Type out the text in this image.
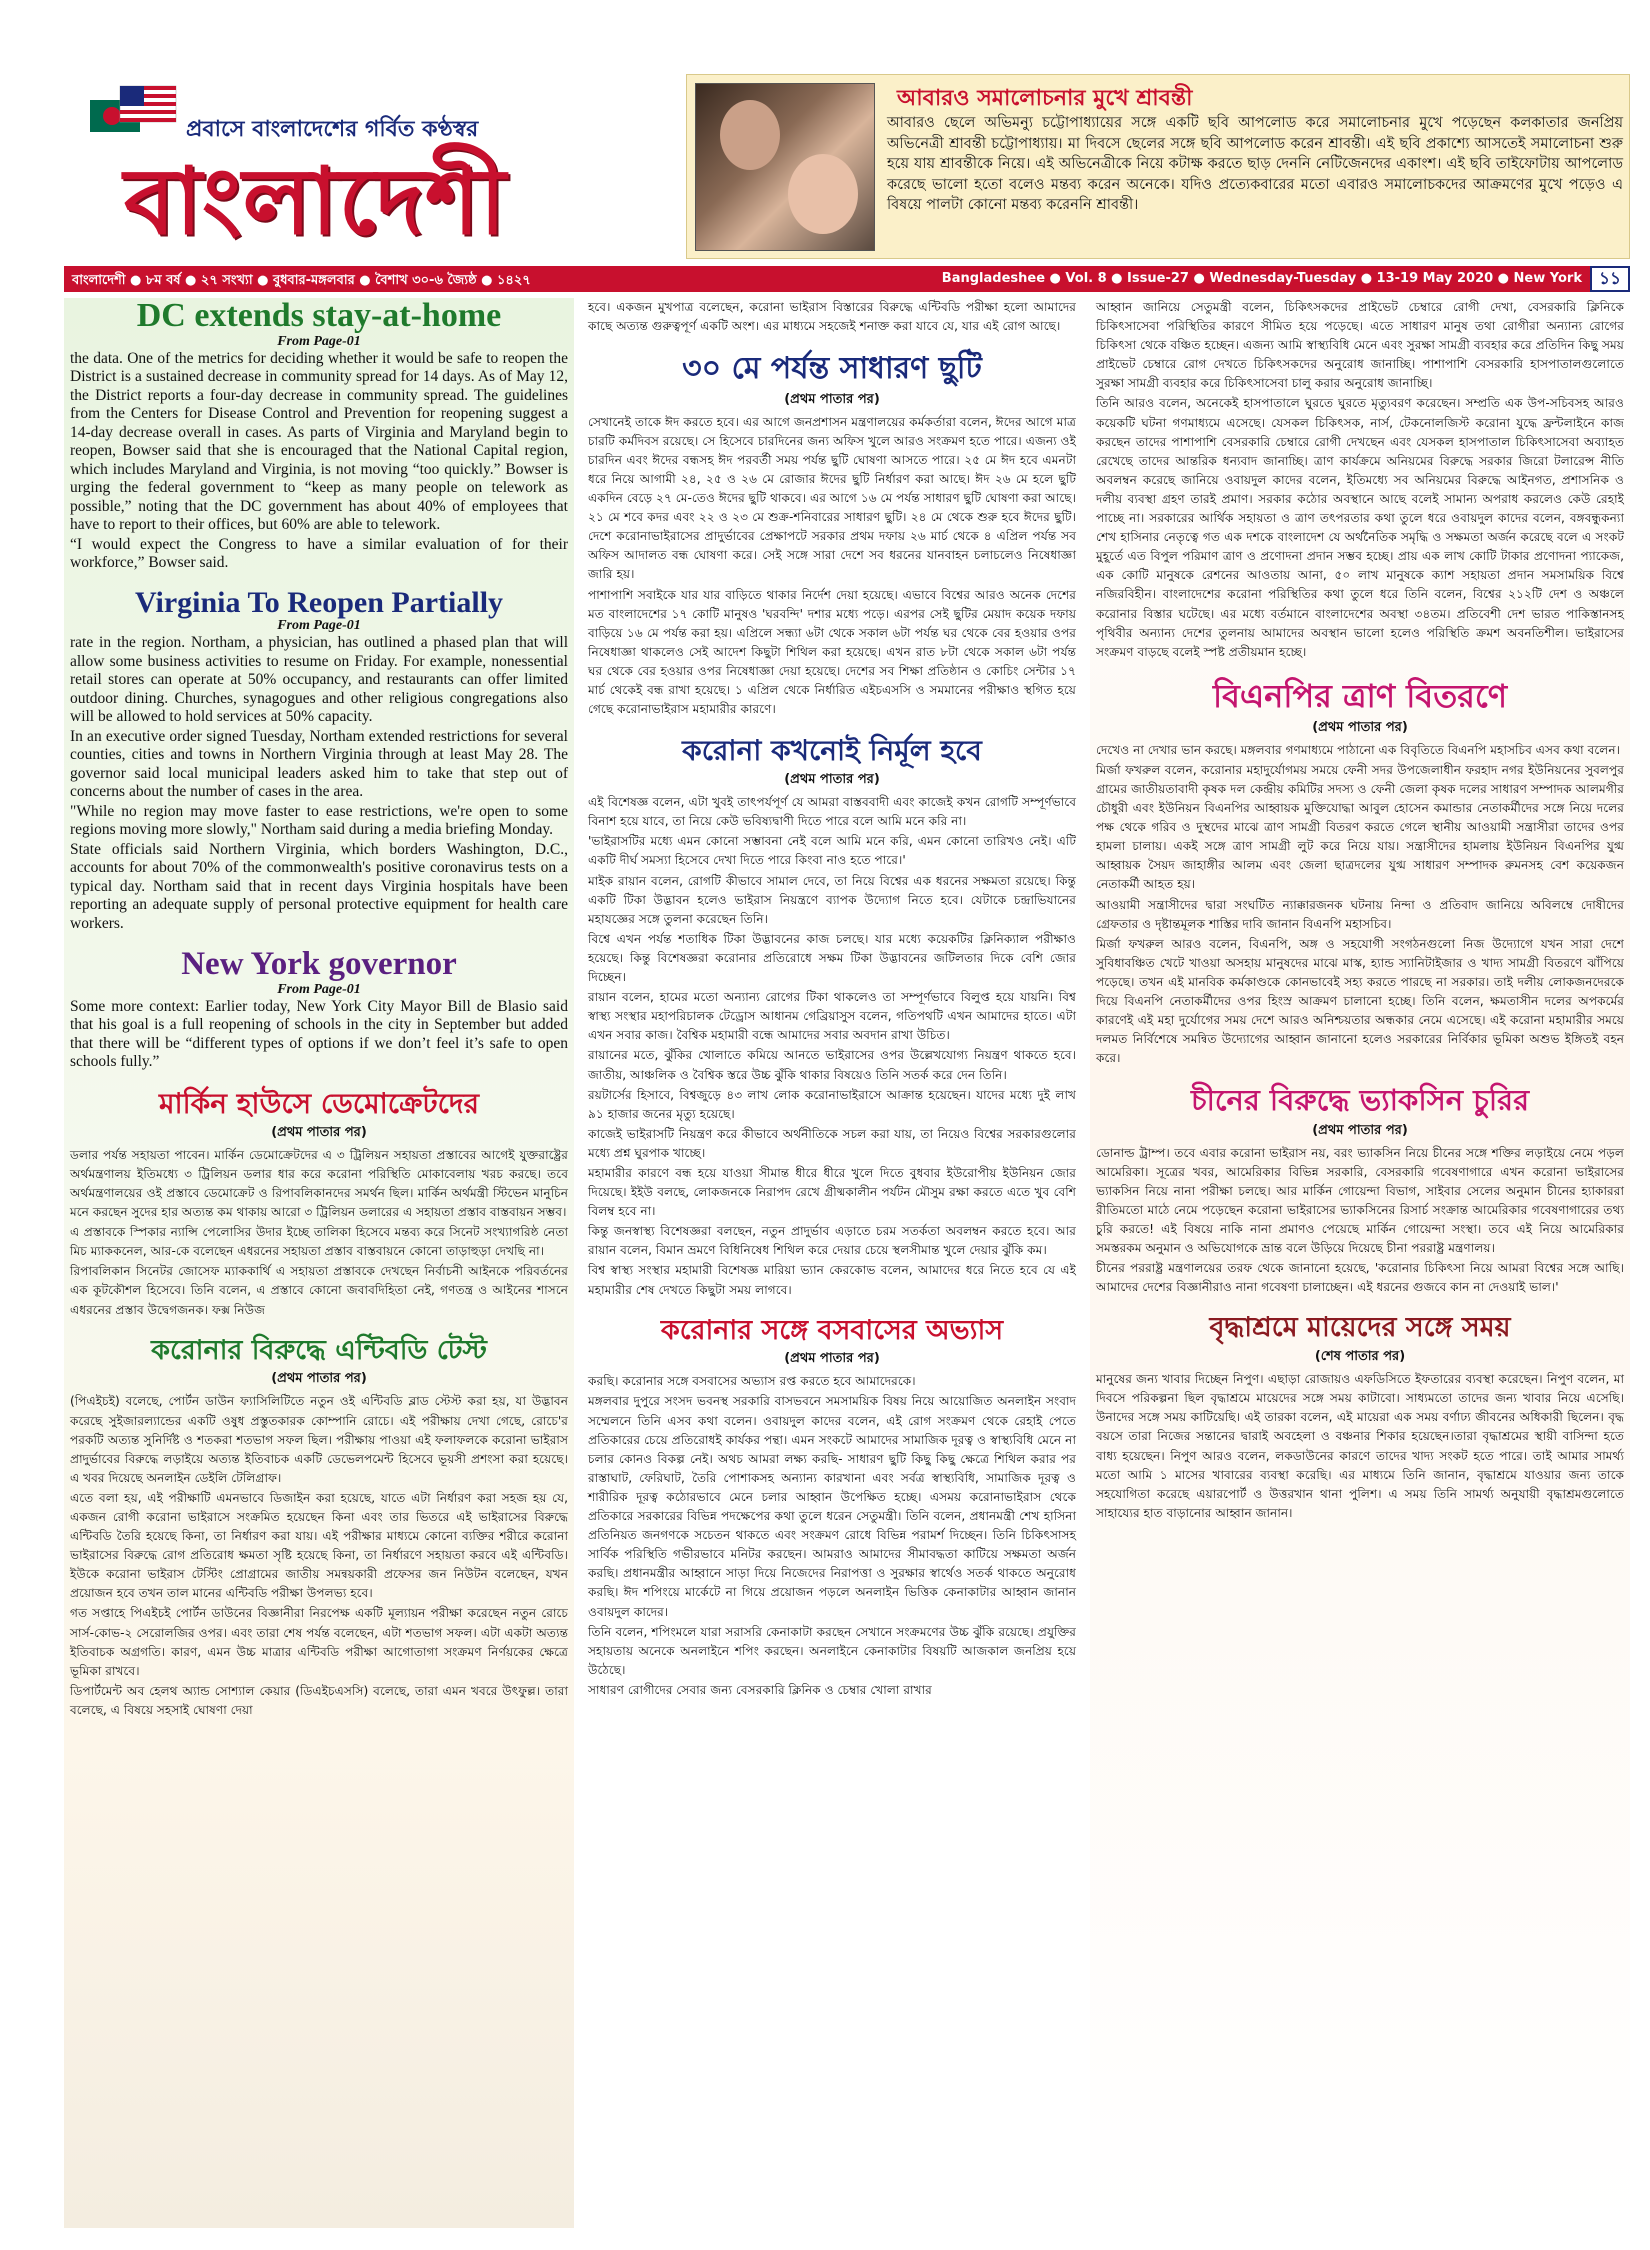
প্রবাসে বাংলাদেশের গর্বিত কণ্ঠস্বর
বাংলাদেশী
আবারও সমালোচনার মুখে শ্রাবন্তী
আবারও ছেলে অভিমন্যু চট্টোপাধ্যায়ের সঙ্গে একটি ছবি আপলোড করে সমালোচনার মুখে পড়েছেন কলকাতার জনপ্রিয় অভিনেত্রী শ্রাবন্তী চট্টোপাধ্যায়। মা দিবসে ছেলের সঙ্গে ছবি আপলোড করেন শ্রাবন্তী। এই ছবি প্রকাশ্যে আসতেই সমালোচনা শুরু হয়ে যায় শ্রাবন্তীকে নিয়ে। এই অভিনেত্রীকে নিয়ে কটাক্ষ করতে ছাড় দেননি নেটিজেনদের একাংশ। এই ছবি তাইফোটায় আপলোড করেছে ভালো হতো বলেও মন্তব্য করেন অনেকে। যদিও প্রত্যেকবারের মতো এবারও সমালোচকদের আক্রমণের মুখে পড়েও এ বিষয়ে পালটা কোনো মন্তব্য করেননি শ্রাবন্তী।
বাংলাদেশী ● ৮ম বর্ষ ● ২৭ সংখ্যা ● বুধবার-মঙ্গলবার ● বৈশাখ ৩০-৬ জ্যৈষ্ঠ ● ১৪২৭	Bangladeshee ● Vol. 8 ● Issue-27 ● Wednesday-Tuesday ● 13-19 May 2020 ● New York ১১
DC extends stay-at-home
From Page-01

the data. One of the metrics for deciding whether it would be safe to reopen the District is a sustained decrease in community spread for 14 days. As of May 12, the District reports a four-day decrease in community spread. The guidelines from the Centers for Disease Control and Prevention for reopening suggest a 14-day decrease overall in cases. As parts of Virginia and Maryland begin to reopen, Bowser said that she is encouraged that the National Capital region, which includes Maryland and Virginia, is not moving “too quickly.” Bowser is urging the federal government to “keep as many people on telework as possible,” noting that the DC government has about 40% of employees that have to report to their offices, but 60% are able to telework.

“I would expect the Congress to have a similar evaluation of for their workforce,” Bowser said.

Virginia To Reopen Partially
From Page-01

rate in the region. Northam, a physician, has outlined a phased plan that will allow some business activities to resume on Friday. For example, nonessential retail stores can operate at 50% occupancy, and restaurants can offer limited outdoor dining. Churches, synagogues and other religious congregations also will be allowed to hold services at 50% capacity.

In an executive order signed Tuesday, Northam extended restrictions for several counties, cities and towns in Northern Virginia through at least May 28. The governor said local municipal leaders asked him to take that step out of concerns about the number of cases in the area.

"While no region may move faster to ease restrictions, we're open to some regions moving more slowly," Northam said during a media briefing Monday.

State officials said Northern Virginia, which borders Washington, D.C., accounts for about 70% of the commonwealth's positive coronavirus tests on a typical day. Northam said that in recent days Virginia hospitals have been reporting an adequate supply of personal protective equipment for health care workers.

New York governor
From Page-01

Some more context: Earlier today, New York City Mayor Bill de Blasio said that his goal is a full reopening of schools in the city in September but added that there will be “different types of options if we don’t feel it’s safe to open schools fully.”

মার্কিন হাউসে ডেমোক্রেটদের
(প্রথম পাতার পর)

ডলার পর্যন্ত সহায়তা পাবেন। মার্কিন ডেমোক্রেটদের এ ৩ ট্রিলিয়ন সহায়তা প্রস্তাবের আগেই যুক্তরাষ্ট্রের অর্থমন্ত্রণালয় ইতিমধ্যে ৩ ট্রিলিয়ন ডলার ধার করে করোনা পরিস্থিতি মোকাবেলায় খরচ করছে। তবে অর্থমন্ত্রণালয়ের ওই প্রস্তাবে ডেমোক্রেট ও রিপাবলিকানদের সমর্থন ছিল। মার্কিন অর্থমন্ত্রী স্টিভেন মানুচিন মনে করছেন সুদের হার অত্যন্ত কম থাকায় আরো ৩ ট্রিলিয়ন ডলারের এ সহায়তা প্রস্তাব বাস্তবায়ন সম্ভব।

এ প্রস্তাবকে স্পিকার ন্যান্সি পেলোসির উদার ইচ্ছে তালিকা হিসেবে মন্তব্য করে সিনেট সংখ্যাগরিষ্ঠ নেতা মিচ ম্যাককনেল, আর-কে বলেছেন এধরনের সহায়তা প্রস্তাব বাস্তবায়নে কোনো তাড়াহুড়া দেখছি না।

রিপাবলিকান সিনেটর জোসেফ ম্যাককার্থি এ সহায়তা প্রস্তাবকে দেখছেন নির্বাচনী আইনকে পরিবর্তনের এক কূটকৌশল হিসেবে। তিনি বলেন, এ প্রস্তাবে কোনো জবাবদিহিতা নেই, গণতন্ত্র ও আইনের শাসনে এধরনের প্রস্তাব উদ্বেগজনক। ফক্স নিউজ

করোনার বিরুদ্ধে এন্টিবডি টেস্ট
(প্রথম পাতার পর)

(পিএইচই) বলেছে, পোর্টন ডাউন ফ্যাসিলিটিতে নতুন ওই এন্টিবডি ব্লাড স্টেস্ট করা হয়, যা উদ্ভাবন করেছে সুইজারল্যান্ডের একটি ওষুধ প্রস্তুতকারক কোম্পানি রোচে। এই পরীক্ষায় দেখা গেছে, রোচে'র পরকটি অত্যন্ত সুনির্দিষ্ট ও শতকরা শতভাগ সফল ছিল। পরীক্ষায় পাওয়া এই ফলাফলকে করোনা ভাইরাস প্রাদুর্ভাবের বিরুদ্ধে লড়াইয়ে অত্যন্ত ইতিবাচক একটি ডেভেলপমেন্ট হিসেবে ভূয়সী প্রশংসা করা হয়েছে। এ খবর দিয়েছে অনলাইন ডেইলি টেলিগ্রাফ।

এতে বলা হয়, এই পরীক্ষাটি এমনভাবে ডিজাইন করা হয়েছে, যাতে এটা নির্ধারণ করা সহজ হয় যে, একজন রোগী করোনা ভাইরাসে সংক্রমিত হয়েছেন কিনা এবং তার ভিতরে এই ভাইরাসের বিরুদ্ধে এন্টিবডি তৈরি হয়েছে কিনা, তা নির্ধারণ করা যায়। এই পরীক্ষার মাধ্যমে কোনো ব্যক্তির শরীরে করোনা ভাইরাসের বিরুদ্ধে রোগ প্রতিরোধ ক্ষমতা সৃষ্টি হয়েছে কিনা, তা নির্ধারণে সহায়তা করবে এই এন্টিবডি। ইউকে করোনা ভাইরাস টেস্টিং প্রোগ্রামের জাতীয় সমন্বয়কারী প্রফেসর জন নিউটন বলেছেন, যখন প্রয়োজন হবে তখন তাল মানের এন্টিবডি পরীক্ষা উপলভ্য হবে।

গত সপ্তাহে পিএইচই পোর্টন ডাউনের বিজ্ঞানীরা নিরপেক্ষ একটি মূল্যায়ন পরীক্ষা করেছেন নতুন রোচে সার্স-কোভ-২ সেরোলজির ওপর। এবং তারা শেষ পর্যন্ত বলেছেন, এটা শতভাগ সফল। এটা একটা অত্যন্ত ইতিবাচক অগ্রগতি। কারণ, এমন উচ্চ মাত্রার এন্টিবডি পরীক্ষা আগোতাগা সংক্রমণ নির্ণয়কের ক্ষেত্রে ভূমিকা রাখবে।

ডিপার্টমেন্ট অব হেলথ অ্যান্ড সোশ্যাল কেয়ার (ডিএইচএসসি) বলেছে, তারা এমন খবরে উৎফুল্ল। তারা বলেছে, এ বিষয়ে সহসাই ঘোষণা দেয়া

হবে। একজন মুখপাত্র বলেছেন, করোনা ভাইরাস বিস্তারের বিরুদ্ধে এন্টিবডি পরীক্ষা হলো আমাদের কাছে অত্যন্ত গুরুত্বপূর্ণ একটি অংশ। এর মাধ্যমে সহজেই শনাক্ত করা যাবে যে, যার এই রোগ আছে।

৩০ মে পর্যন্ত সাধারণ ছুটি
(প্রথম পাতার পর)

সেখানেই তাকে ঈদ করতে হবে। এর আগে জনপ্রশাসন মন্ত্রণালয়ের কর্মকর্তারা বলেন, ঈদের আগে মাত্র চারটি কর্মদিবস রয়েছে। সে হিসেবে চারদিনের জন্য অফিস খুলে আরও সংক্রমণ হতে পারে। এজন্য ওই চারদিন এবং ঈদের বন্ধসহ ঈদ পরবর্তী সময় পর্যন্ত ছুটি ঘোষণা আসতে পারে। ২৫ মে ঈদ হবে এমনটা ধরে নিয়ে আগামী ২৪, ২৫ ও ২৬ মে রোজার ঈদের ছুটি নির্ধারণ করা আছে। ঈদ ২৬ মে হলে ছুটি একদিন বেড়ে ২৭ মে-তেও ঈদের ছুটি থাকবে। এর আগে ১৬ মে পর্যন্ত সাধারণ ছুটি ঘোষণা করা আছে। ২১ মে শবে কদর এবং ২২ ও ২৩ মে শুক্র-শনিবারের সাধারণ ছুটি। ২৪ মে থেকে শুরু হবে ঈদের ছুটি। দেশে করোনাভাইরাসের প্রাদুর্ভাবের প্রেক্ষাপটে সরকার প্রথম দফায় ২৬ মার্চ থেকে ৪ এপ্রিল পর্যন্ত সব অফিস আদালত বন্ধ ঘোষণা করে। সেই সঙ্গে সারা দেশে সব ধরনের যানবাহন চলাচলেও নিষেধাজ্ঞা জারি হয়।

পাশাপাশি সবাইকে যার যার বাড়িতে থাকার নির্দেশ দেয়া হয়েছে। এভাবে বিশ্বের আরও অনেক দেশের মত বাংলাদেশের ১৭ কোটি মানুষও 'ঘরবন্দি' দশার মধ্যে পড়ে। এরপর সেই ছুটির মেয়াদ কয়েক দফায় বাড়িয়ে ১৬ মে পর্যন্ত করা হয়। এপ্রিলে সন্ধ্যা ৬টা থেকে সকাল ৬টা পর্যন্ত ঘর থেকে বের হওয়ার ওপর নিষেধাজ্ঞা থাকলেও সেই আদেশ কিছুটা শিথিল করা হয়েছে। এখন রাত ৮টা থেকে সকাল ৬টা পর্যন্ত ঘর থেকে বের হওয়ার ওপর নিষেধাজ্ঞা দেয়া হয়েছে। দেশের সব শিক্ষা প্রতিষ্ঠান ও কোচিং সেন্টার ১৭ মার্চ থেকেই বন্ধ রাখা হয়েছে। ১ এপ্রিল থেকে নির্ধারিত এইচএসসি ও সমমানের পরীক্ষাও স্থগিত হয়ে গেছে করোনাভাইরাস মহামারীর কারণে।

করোনা কখনোই নির্মূল হবে
(প্রথম পাতার পর)

এই বিশেষজ্ঞ বলেন, এটা খুবই তাৎপর্যপূর্ণ যে আমরা বাস্তববাদী এবং কাজেই কখন রোগটি সম্পূর্ণভাবে বিনাশ হয়ে যাবে, তা নিয়ে কেউ ভবিষ্যদ্বাণী দিতে পারে বলে আমি মনে করি না।

'ভাইরাসটির মধ্যে এমন কোনো সম্ভাবনা নেই বলে আমি মনে করি, এমন কোনো তারিখও নেই। এটি একটি দীর্ঘ সমস্যা হিসেবে দেখা দিতে পারে কিংবা নাও হতে পারে।'

মাইক রায়ান বলেন, রোগটি কীভাবে সামাল দেবে, তা নিয়ে বিশ্বের এক ধরনের সক্ষমতা রয়েছে। কিন্তু একটি টিকা উদ্ভাবন হলেও ভাইরাস নিয়ন্ত্রণে ব্যাপক উদ্যোগ নিতে হবে। যেটাকে চন্দ্রাভিযানের মহাযজ্ঞের সঙ্গে তুলনা করেছেন তিনি।

বিশ্বে এখন পর্যন্ত শতাধিক টিকা উদ্ভাবনের কাজ চলছে। যার মধ্যে কয়েকটির ক্লিনিক্যাল পরীক্ষাও হয়েছে। কিন্তু বিশেষজ্ঞরা করোনার প্রতিরোধে সক্ষম টিকা উদ্ভাবনের জটিলতার দিকে বেশি জোর দিচ্ছেন।

রায়ান বলেন, হামের মতো অন্যান্য রোগের টিকা থাকলেও তা সম্পূর্ণভাবে বিলুপ্ত হয়ে যায়নি। বিশ্ব স্বাস্থ্য সংস্থার মহাপরিচালক টেড্রোস আধানম গেব্রিয়াসুস বলেন, গতিপথটি এখন আমাদের হাতে। এটা এখন সবার কাজ। বৈশ্বিক মহামারী বন্ধে আমাদের সবার অবদান রাখা উচিত।

রায়ানের মতে, ঝুঁকির খোলাতে কমিয়ে আনতে ভাইরাসের ওপর উল্লেখযোগ্য নিয়ন্ত্রণ থাকতে হবে। জাতীয়, আঞ্চলিক ও বৈশ্বিক স্তরে উচ্চ ঝুঁকি থাকার বিষয়েও তিনি সতর্ক করে দেন তিনি।

রয়টার্সের হিসাবে, বিশ্বজুড়ে ৪৩ লাখ লোক করোনাভাইরাসে আক্রান্ত হয়েছেন। যাদের মধ্যে দুই লাখ ৯১ হাজার জনের মৃত্যু হয়েছে।

কাজেই ভাইরাসটি নিয়ন্ত্রণ করে কীভাবে অর্থনীতিকে সচল করা যায়, তা নিয়েও বিশ্বের সরকারগুলোর মধ্যে প্রশ্ন ঘুরপাক খাচ্ছে।

মহামারীর কারণে বন্ধ হয়ে যাওয়া সীমান্ত ধীরে ধীরে খুলে দিতে বুধবার ইউরোপীয় ইউনিয়ন জোর দিয়েছে। ইইউ বলছে, লোকজনকে নিরাপদ রেখে গ্রীষ্মকালীন পর্যটন মৌসুম রক্ষা করতে এতে খুব বেশি বিলম্ব হবে না।

কিন্তু জনস্বাস্থ্য বিশেষজ্ঞরা বলছেন, নতুন প্রাদুর্ভাব এড়াতে চরম সতর্কতা অবলম্বন করতে হবে। আর রায়ান বলেন, বিমান ভ্রমণে বিধিনিষেধ শিথিল করে দেয়ার চেয়ে স্থলসীমান্ত খুলে দেয়ার ঝুঁকি কম।

বিশ্ব স্বাস্থ্য সংস্থার মহামারী বিশেষজ্ঞ মারিয়া ভ্যান কেরকোভ বলেন, আমাদের ধরে নিতে হবে যে এই মহামারীর শেষ দেখতে কিছুটা সময় লাগবে।

করোনার সঙ্গে বসবাসের অভ্যাস
(প্রথম পাতার পর)

করছি। করোনার সঙ্গে বসবাসের অভ্যাস রপ্ত করতে হবে আমাদেরকে।

মঙ্গলবার দুপুরে সংসদ ভবনস্থ সরকারি বাসভবনে সমসাময়িক বিষয় নিয়ে আয়োজিত অনলাইন সংবাদ সম্মেলনে তিনি এসব কথা বলেন। ওবায়দুল কাদের বলেন, এই রোগ সংক্রমণ থেকে রেহাই পেতে প্রতিকারের চেয়ে প্রতিরোধই কার্যকর পন্থা। এমন সংকটে আমাদের সামাজিক দূরত্ব ও স্বাস্থ্যবিধি মেনে না চলার কোনও বিকল্প নেই। অথচ আমরা লক্ষ্য করছি- সাধারণ ছুটি কিছু কিছু ক্ষেত্রে শিথিল করার পর রাস্তাঘাট, ফেরিঘাট, তৈরি পোশাকসহ অন্যান্য কারখানা এবং সর্বত্র স্বাস্থ্যবিধি, সামাজিক দূরত্ব ও শারীরিক দূরত্ব কঠোরভাবে মেনে চলার আহ্বান উপেক্ষিত হচ্ছে। এসময় করোনাভাইরাস থেকে প্রতিকারে সরকারের বিভিন্ন পদক্ষেপের কথা তুলে ধরেন সেতুমন্ত্রী। তিনি বলেন, প্রধানমন্ত্রী শেখ হাসিনা প্রতিনিয়ত জনগণকে সচেতন থাকতে এবং সংক্রমণ রোধে বিভিন্ন পরামর্শ দিচ্ছেন। তিনি চিকিৎসাসহ সার্বিক পরিস্থিতি গভীরভাবে মনিটর করছেন। আমরাও আমাদের সীমাবদ্ধতা কাটিয়ে সক্ষমতা অর্জন করছি। প্রধানমন্ত্রীর আহ্বানে সাড়া দিয়ে নিজেদের নিরাপত্তা ও সুরক্ষার স্বার্থেও সতর্ক থাকতে অনুরোধ করছি। ঈদ শপিংয়ে মার্কেটে না গিয়ে প্রয়োজন পড়লে অনলাইন ভিত্তিক কেনাকাটার আহ্বান জানান ওবায়দুল কাদের।

তিনি বলেন, শপিংমলে যারা সরাসরি কেনাকাটা করছেন সেখানে সংক্রমণের উচ্চ ঝুঁকি রয়েছে। প্রযুক্তির সহায়তায় অনেকে অনলাইনে শপিং করছেন। অনলাইনে কেনাকাটার বিষয়টি আজকাল জনপ্রিয় হয়ে উঠেছে।

সাধারণ রোগীদের সেবার জন্য বেসরকারি ক্লিনিক ও চেম্বার খোলা রাখার

আহ্বান জানিয়ে সেতুমন্ত্রী বলেন, চিকিৎসকদের প্রাইভেট চেম্বারে রোগী দেখা, বেসরকারি ক্লিনিকে চিকিৎসাসেবা পরিস্থিতির কারণে সীমিত হয়ে পড়েছে। এতে সাধারণ মানুষ তথা রোগীরা অন্যান্য রোগের চিকিৎসা থেকে বঞ্চিত হচ্ছেন। এজন্য আমি স্বাস্থ্যবিধি মেনে এবং সুরক্ষা সামগ্রী ব্যবহার করে প্রতিদিন কিছু সময় প্রাইভেট চেম্বারে রোগ দেখতে চিকিৎসকদের অনুরোধ জানাচ্ছি। পাশাপাশি বেসরকারি হাসপাতালগুলোতে সুরক্ষা সামগ্রী ব্যবহার করে চিকিৎসাসেবা চালু করার অনুরোধ জানাচ্ছি।

তিনি আরও বলেন, অনেকেই হাসপাতালে ঘুরতে ঘুরতে মৃত্যুবরণ করেছেন। সম্প্রতি এক উপ-সচিবসহ আরও কয়েকটি ঘটনা গণমাধ্যমে এসেছে। যেসকল চিকিৎসক, নার্স, টেকনোলজিস্ট করোনা যুদ্ধে ফ্রন্টলাইনে কাজ করছেন তাদের পাশাপাশি বেসরকারি চেম্বারে রোগী দেখছেন এবং যেসকল হাসপাতাল চিকিৎসাসেবা অব্যাহত রেখেছে তাদের আন্তরিক ধন্যবাদ জানাচ্ছি। ত্রাণ কার্যক্রমে অনিয়মের বিরুদ্ধে সরকার জিরো টলারেন্স নীতি অবলম্বন করেছে জানিয়ে ওবায়দুল কাদের বলেন, ইতিমধ্যে সব অনিয়মের বিরুদ্ধে আইনগত, প্রশাসনিক ও দলীয় ব্যবস্থা গ্রহণ তারই প্রমাণ। সরকার কঠোর অবস্থানে আছে বলেই সামান্য অপরাধ করলেও কেউ রেহাই পাচ্ছে না। সরকারের আর্থিক সহায়তা ও ত্রাণ তৎপরতার কথা তুলে ধরে ওবায়দুল কাদের বলেন, বঙ্গবন্ধুকন্যা শেখ হাসিনার নেতৃত্বে গত এক দশকে বাংলাদেশ যে অর্থনৈতিক সমৃদ্ধি ও সক্ষমতা অর্জন করেছে বলে এ সংকট মুহূর্তে এত বিপুল পরিমাণ ত্রাণ ও প্রণোদনা প্রদান সম্ভব হচ্ছে। প্রায় এক লাখ কোটি টাকার প্রণোদনা প্যাকেজ, এক কোটি মানুষকে রেশনের আওতায় আনা, ৫০ লাখ মানুষকে ক্যাশ সহায়তা প্রদান সমসাময়িক বিশ্বে নজিরবিহীন। বাংলাদেশের করোনা পরিস্থিতির কথা তুলে ধরে তিনি বলেন, বিশ্বের ২১২টি দেশ ও অঞ্চলে করোনার বিস্তার ঘটেছে। এর মধ্যে বর্তমানে বাংলাদেশের অবস্থা ৩৪তম। প্রতিবেশী দেশ ভারত পাকিস্তানসহ পৃথিবীর অন্যান্য দেশের তুলনায় আমাদের অবস্থান ভালো হলেও পরিস্থিতি ক্রমশ অবনতিশীল। ভাইরাসের সংক্রমণ বাড়ছে বলেই স্পষ্ট প্রতীয়মান হচ্ছে।

বিএনপির ত্রাণ বিতরণে
(প্রথম পাতার পর)

দেখেও না দেখার ভান করছে। মঙ্গলবার গণমাধ্যমে পাঠানো এক বিবৃতিতে বিএনপি মহাসচিব এসব কথা বলেন।

মির্জা ফখরুল বলেন, করোনার মহাদুর্যোগময় সময়ে ফেনী সদর উপজেলাধীন ফরহাদ নগর ইউনিয়নের সুবলপুর গ্রামের জাতীয়তাবাদী কৃষক দল কেন্দ্রীয় কমিটির সদস্য ও ফেনী জেলা কৃষক দলের সাধারণ সম্পাদক আলমগীর চৌধুরী এবং ইউনিয়ন বিএনপির আহ্বায়ক মুক্তিযোদ্ধা আবুল হোসেন কমান্ডার নেতাকর্মীদের সঙ্গে নিয়ে দলের পক্ষ থেকে গরিব ও দুস্থদের মাঝে ত্রাণ সামগ্রী বিতরণ করতে গেলে স্থানীয় আওয়ামী সন্ত্রাসীরা তাদের ওপর হামলা চালায়। একই সঙ্গে ত্রাণ সামগ্রী লুট করে নিয়ে যায়। সন্ত্রাসীদের হামলায় ইউনিয়ন বিএনপির যুগ্ম আহ্বায়ক সৈয়দ জাহাঙ্গীর আলম এবং জেলা ছাত্রদলের যুগ্ম সাধারণ সম্পাদক রুমনসহ বেশ কয়েকজন নেতাকর্মী আহত হয়।

আওয়ামী সন্ত্রাসীদের দ্বারা সংঘটিত ন্যাক্কারজনক ঘটনায় নিন্দা ও প্রতিবাদ জানিয়ে অবিলম্বে দোষীদের গ্রেফতার ও দৃষ্টান্তমূলক শাস্তির দাবি জানান বিএনপি মহাসচিব।

মির্জা ফখরুল আরও বলেন, বিএনপি, অঙ্গ ও সহযোগী সংগঠনগুলো নিজ উদ্যোগে যখন সারা দেশে সুবিধাবঞ্চিত খেটে খাওয়া অসহায় মানুষদের মাঝে মাস্ক, হ্যান্ড স্যানিটাইজার ও খাদ্য সামগ্রী বিতরণে ঝাঁপিয়ে পড়েছে। তখন এই মানবিক কর্মকাণ্ডকে কোনভাবেই সহ্য করতে পারছে না সরকার। তাই দলীয় লোকজনদেরকে দিয়ে বিএনপি নেতাকর্মীদের ওপর হিংস্র আক্রমণ চালানো হচ্ছে। তিনি বলেন, ক্ষমতাসীন দলের অপকর্মের কারণেই এই মহা দুর্যোগের সময় দেশে আরও অনিশ্চয়তার অন্ধকার নেমে এসেছে। এই করোনা মহামারীর সময়ে দলমত নির্বিশেষে সমন্বিত উদ্যোগের আহ্বান জানানো হলেও সরকারের নির্বিকার ভূমিকা অশুভ ইঙ্গিতই বহন করে।

চীনের বিরুদ্ধে ভ্যাকসিন চুরির
(প্রথম পাতার পর)

ডোনাল্ড ট্রাম্প। তবে এবার করোনা ভাইরাস নয়, বরং ভ্যাকসিন নিয়ে চীনের সঙ্গে শক্তির লড়াইয়ে নেমে পড়ল আমেরিকা। সূত্রের খবর, আমেরিকার বিভিন্ন সরকারি, বেসরকারি গবেষণাগারে এখন করোনা ভাইরাসের ভ্যাকসিন নিয়ে নানা পরীক্ষা চলছে। আর মার্কিন গোয়েন্দা বিভাগ, সাইবার সেলের অনুমান চীনের হ্যাকাররা রীতিমতো মাঠে নেমে পড়েছেন করোনা ভাইরাসের ভ্যাকসিনের রিসার্চ সংক্রান্ত আমেরিকার গবেষণাগারের তথ্য চুরি করতে! এই বিষয়ে নাকি নানা প্রমাণও পেয়েছে মার্কিন গোয়েন্দা সংস্থা। তবে এই নিয়ে আমেরিকার সমস্তরকম অনুমান ও অভিযোগকে ভ্রান্ত বলে উড়িয়ে দিয়েছে চীনা পররাষ্ট্র মন্ত্রণালয়।

চীনের পররাষ্ট্র মন্ত্রণালয়ের তরফ থেকে জানানো হয়েছে, 'করোনার চিকিৎসা নিয়ে আমরা বিশ্বের সঙ্গে আছি। আমাদের দেশের বিজ্ঞানীরাও নানা গবেষণা চালাচ্ছেন। এই ধরনের গুজবে কান না দেওয়াই ভাল।'

বৃদ্ধাশ্রমে মায়েদের সঙ্গে সময়
(শেষ পাতার পর)

মানুষের জন্য খাবার দিচ্ছেন নিপুণ। এছাড়া রোজায়ও এফডিসিতে ইফতারের ব্যবস্থা করেছেন। নিপুণ বলেন, মা দিবসে পরিকল্পনা ছিল বৃদ্ধাশ্রমে মায়েদের সঙ্গে সময় কাটাবো। সাধ্যমতো তাদের জন্য খাবার নিয়ে এসেছি। উনাদের সঙ্গে সময় কাটিয়েছি। এই তারকা বলেন, এই মায়েরা এক সময় বর্ণাঢ্য জীবনের অধিকারী ছিলেন। বৃদ্ধ বয়সে তারা নিজের সন্তানের দ্বারাই অবহেলা ও বঞ্চনার শিকার হয়েছেন।তারা বৃদ্ধাশ্রমের স্থায়ী বাসিন্দা হতে বাধ্য হয়েছেন। নিপুণ আরও বলেন, লকডাউনের কারণে তাদের খাদ্য সংকট হতে পারে। তাই আমার সামর্থ্য মতো আমি ১ মাসের খাবারের ব্যবস্থা করেছি। এর মাধ্যমে তিনি জানান, বৃদ্ধাশ্রমে যাওয়ার জন্য তাকে সহযোগিতা করেছে এয়ারপোর্ট ও উত্তরখান থানা পুলিশ। এ সময় তিনি সামর্থ্য অনুযায়ী বৃদ্ধাশ্রমগুলোতে সাহায্যের হাত বাড়ানোর আহ্বান জানান।
